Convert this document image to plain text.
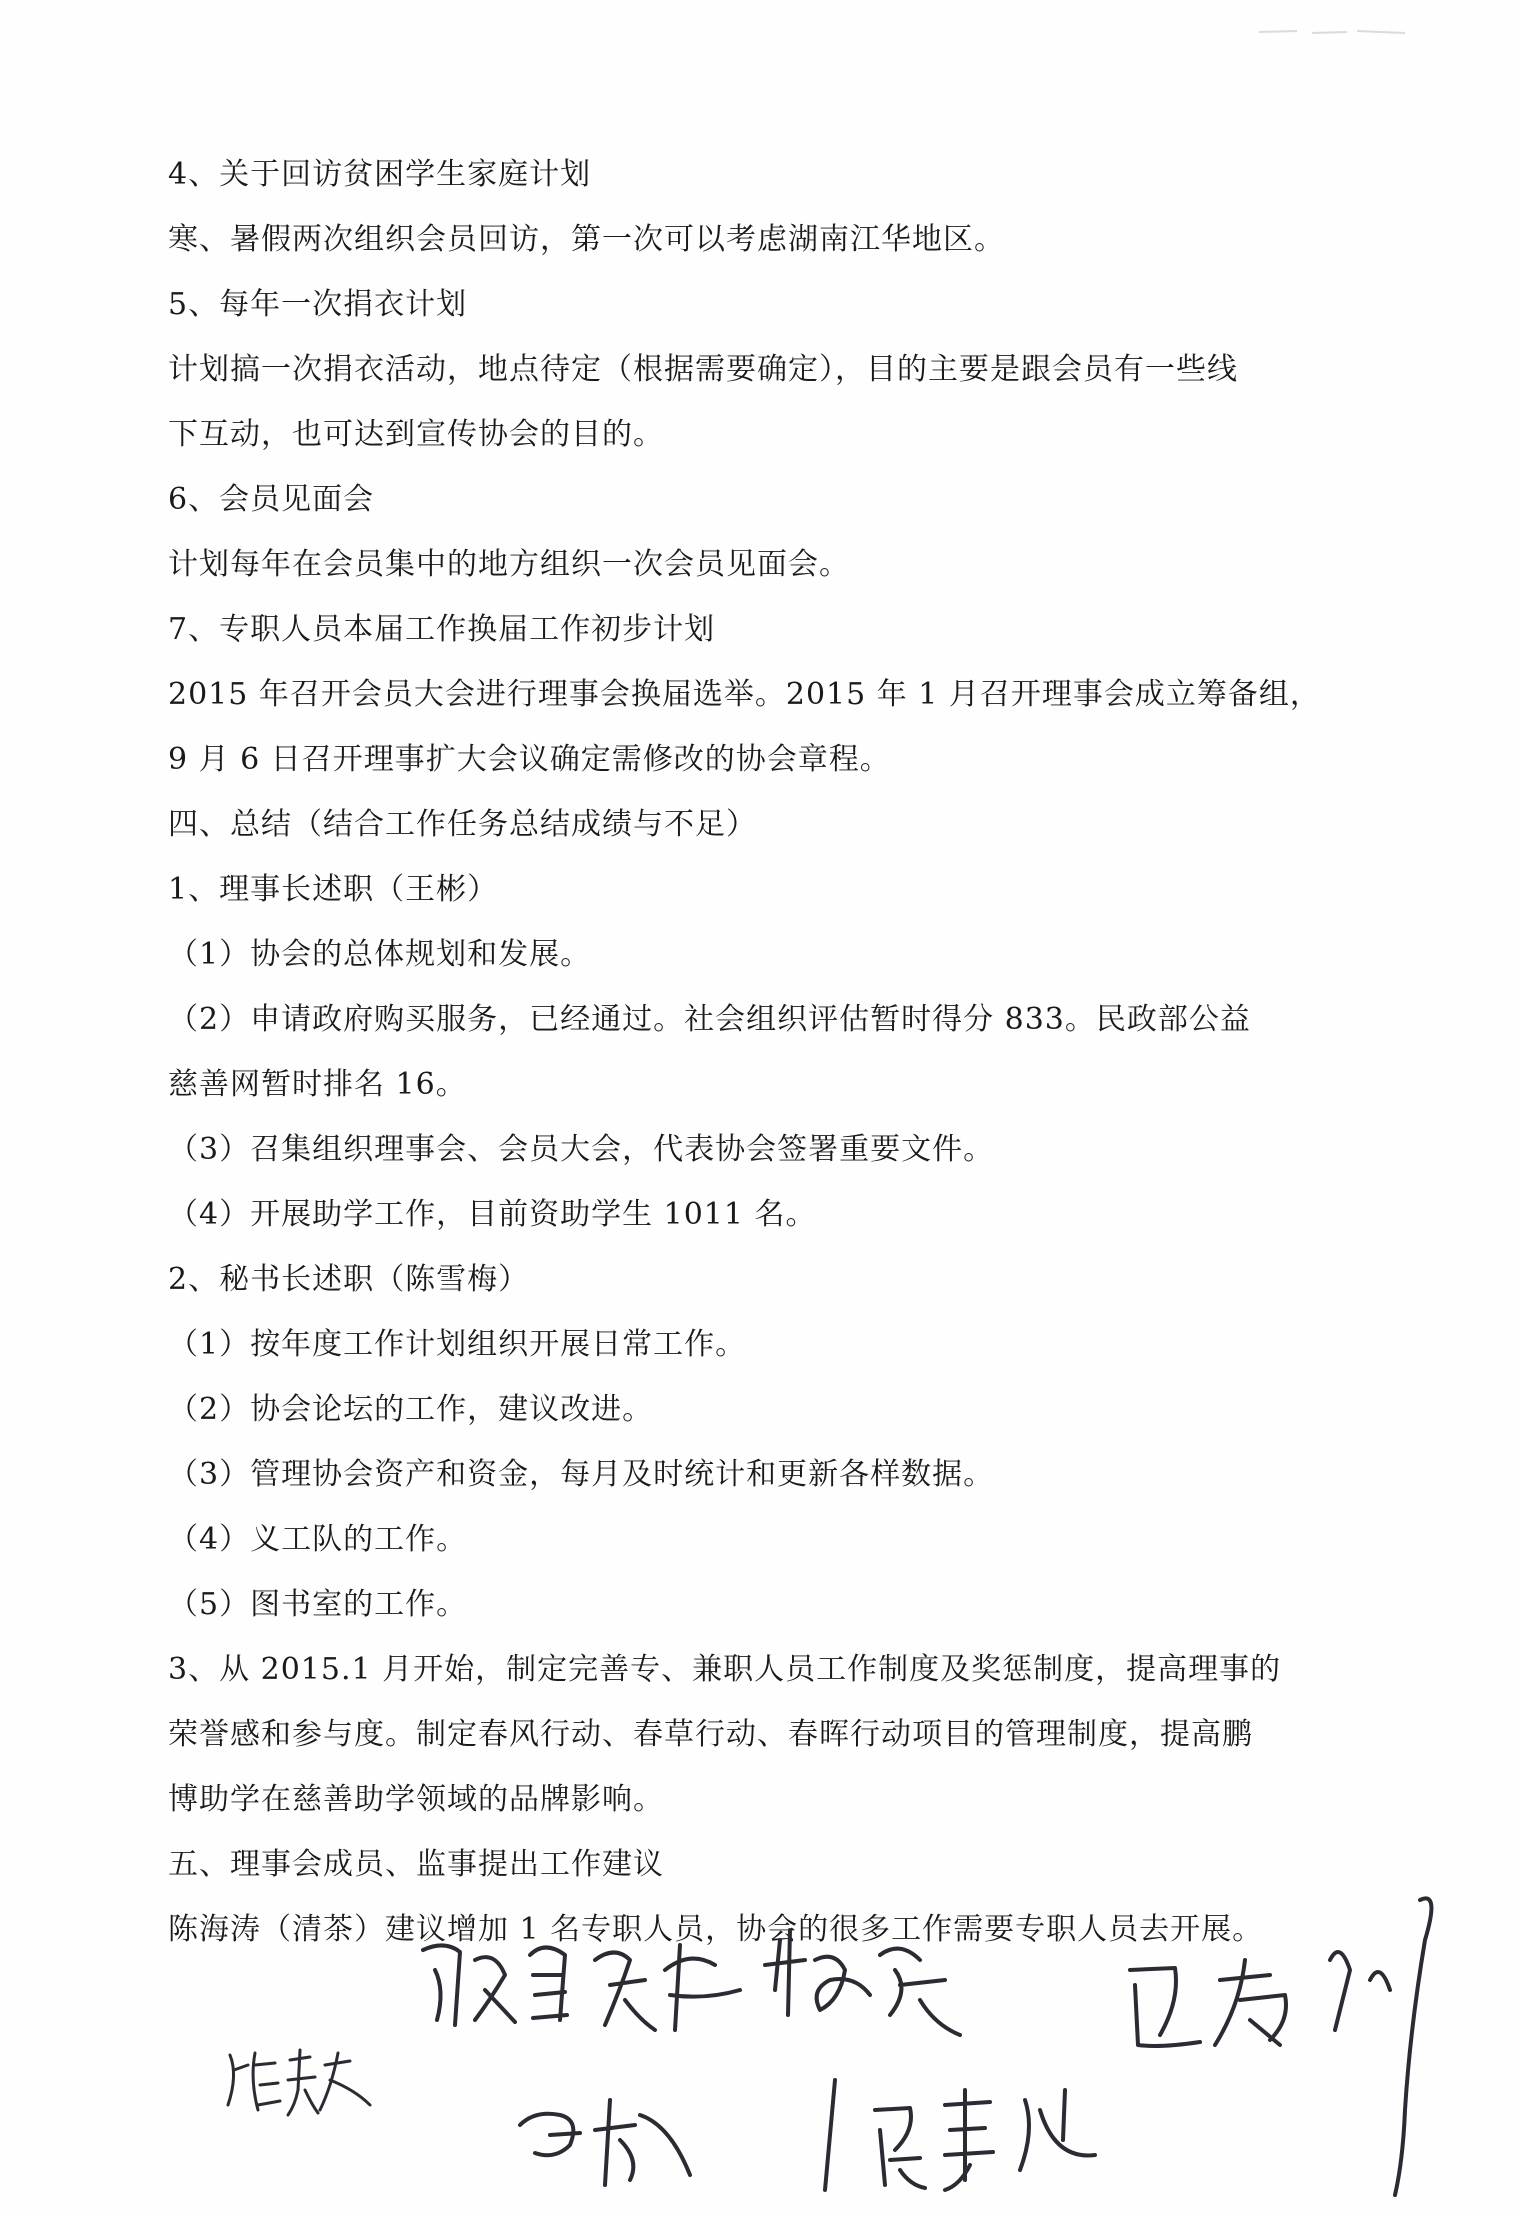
4、关于回访贫困学生家庭计划
寒、暑假两次组织会员回访，第一次可以考虑湖南江华地区。
5、每年一次捐衣计划
计划搞一次捐衣活动，地点待定（根据需要确定），目的主要是跟会员有一些线
下互动，也可达到宣传协会的目的。
6、会员见面会
计划每年在会员集中的地方组织一次会员见面会。
7、专职人员本届工作换届工作初步计划
2015 年召开会员大会进行理事会换届选举。2015 年 1 月召开理事会成立筹备组，
9 月 6 日召开理事扩大会议确定需修改的协会章程。
四、总结（结合工作任务总结成绩与不足）
1、理事长述职（王彬）
（1）协会的总体规划和发展。
（2）申请政府购买服务，已经通过。社会组织评估暂时得分 833。民政部公益
慈善网暂时排名 16。
（3）召集组织理事会、会员大会，代表协会签署重要文件。
（4）开展助学工作，目前资助学生 1011 名。
2、秘书长述职（陈雪梅）
（1）按年度工作计划组织开展日常工作。
（2）协会论坛的工作，建议改进。
（3）管理协会资产和资金，每月及时统计和更新各样数据。
（4）义工队的工作。
（5）图书室的工作。
3、从 2015.1 月开始，制定完善专、兼职人员工作制度及奖惩制度，提高理事的
荣誉感和参与度。制定春风行动、春草行动、春晖行动项目的管理制度，提高鹏
博助学在慈善助学领域的品牌影响。
五、理事会成员、监事提出工作建议
陈海涛（清茶）建议增加 1 名专职人员，协会的很多工作需要专职人员去开展。
